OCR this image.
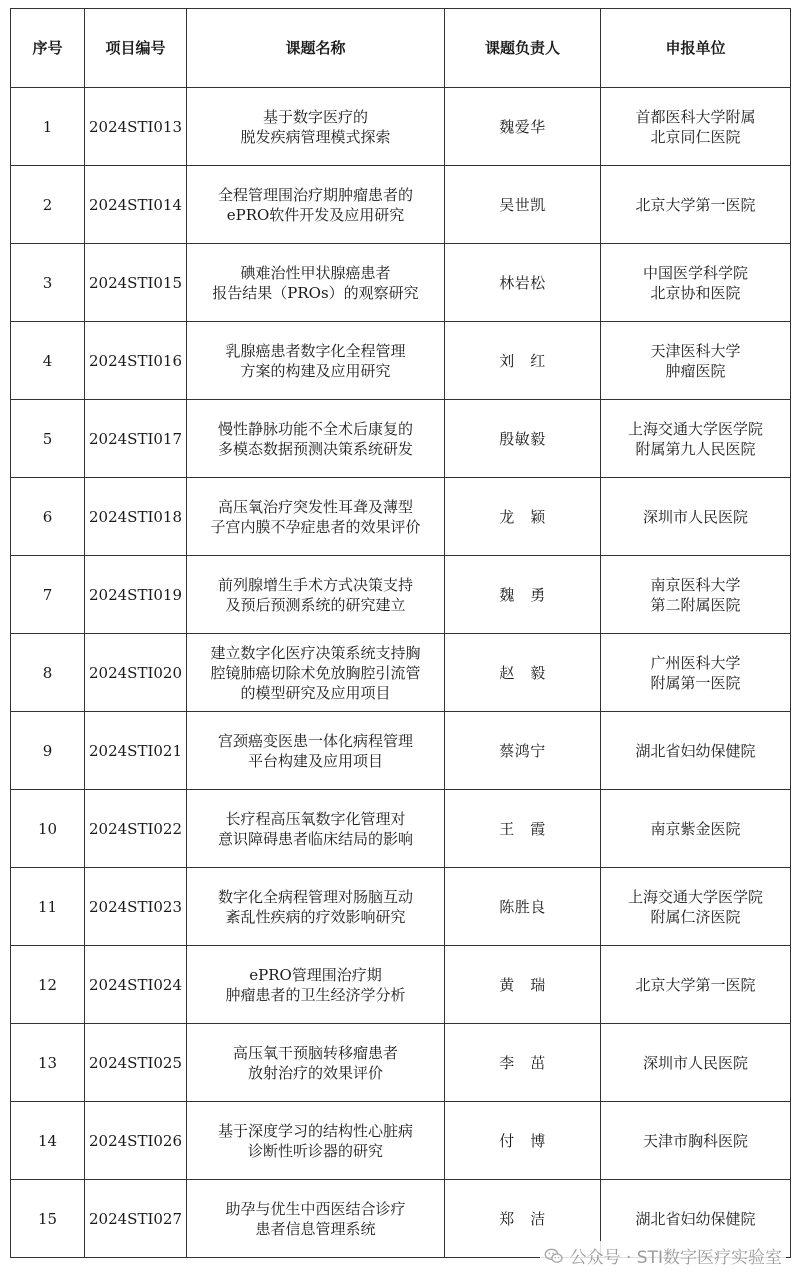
序号	项目编号	课题名称	课题负责人	申报单位
1	2024STI013	基于数字医疗的
脱发疾病管理模式探索	魏爱华	首都医科大学附属
北京同仁医院

2	2024STI014	全程管理围治疗期肿瘤患者的
ePRO软件开发及应用研究	吴世凯	北京大学第一医院

3	2024STI015	碘难治性甲状腺癌患者
报告结果（PROs）的观察研究	林岩松	中国医学科学院
北京协和医院

4	2024STI016	乳腺癌患者数字化全程管理
方案的构建及应用研究	刘　红	天津医科大学
肿瘤医院

5	2024STI017	慢性静脉功能不全术后康复的
多模态数据预测决策系统研发	殷敏毅	上海交通大学医学院
附属第九人民医院

6	2024STI018	高压氧治疗突发性耳聋及薄型
子宫内膜不孕症患者的效果评价	龙　颖	深圳市人民医院

7	2024STI019	前列腺增生手术方式决策支持
及预后预测系统的研究建立	魏　勇	南京医科大学
第二附属医院

8	2024STI020	建立数字化医疗决策系统支持胸
腔镜肺癌切除术免放胸腔引流管
的模型研究及应用项目	赵　毅	广州医科大学
附属第一医院

9	2024STI021	宫颈癌变医患一体化病程管理
平台构建及应用项目	蔡鸿宁	湖北省妇幼保健院

10	2024STI022	长疗程高压氧数字化管理对
意识障碍患者临床结局的影响	王　霞	南京紫金医院

11	2024STI023	数字化全病程管理对肠脑互动
紊乱性疾病的疗效影响研究	陈胜良	上海交通大学医学院
附属仁济医院

12	2024STI024	ePRO管理围治疗期
肿瘤患者的卫生经济学分析	黄　瑞	北京大学第一医院

13	2024STI025	高压氧干预脑转移瘤患者
放射治疗的效果评价	李　茁	深圳市人民医院

14	2024STI026	基于深度学习的结构性心脏病
诊断性听诊器的研究	付　博	天津市胸科医院

15	2024STI027	助孕与优生中西医结合诊疗
患者信息管理系统	郑　洁	湖北省妇幼保健院
公众号 · STI数字医疗实验室
